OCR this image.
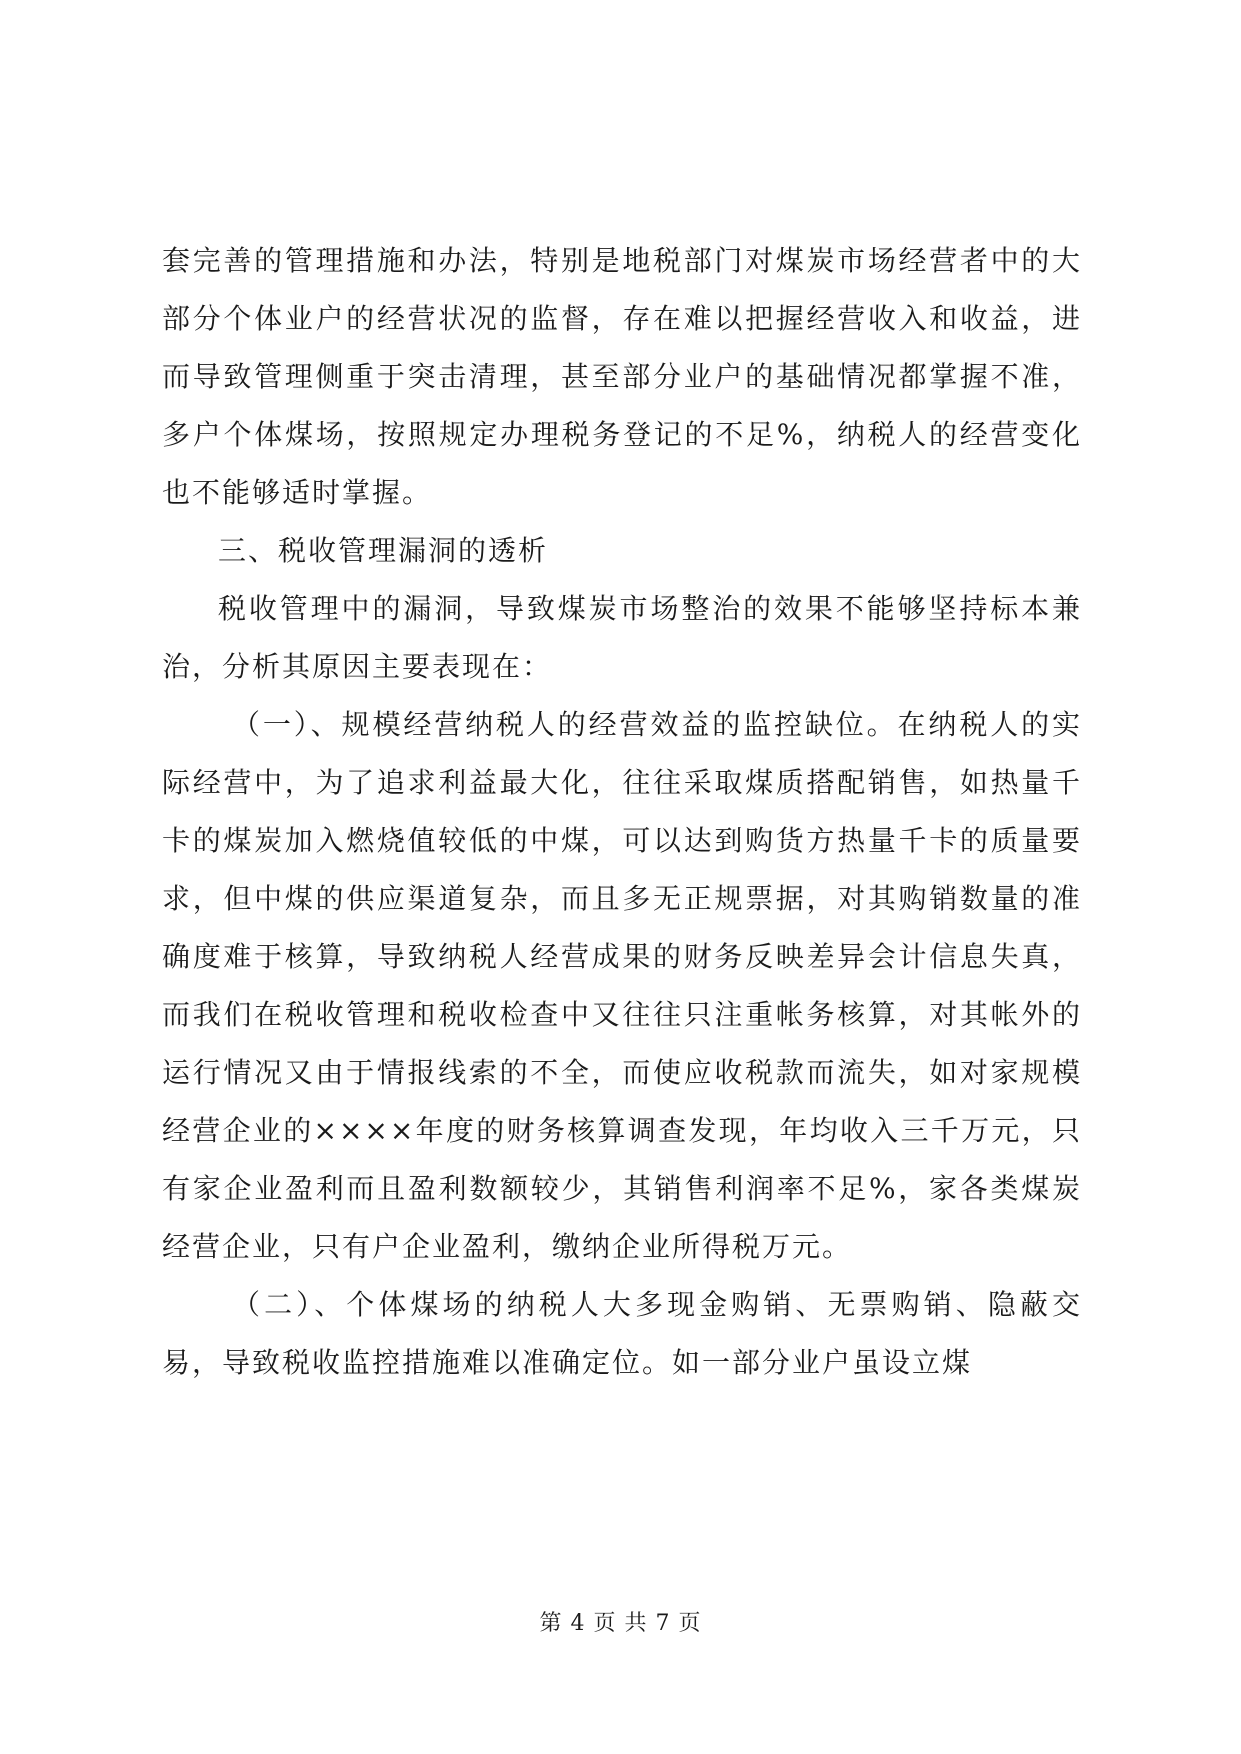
套完善的管理措施和办法，特别是地税部门对煤炭市场经营者中的大部分个体业户的经营状况的监督，存在难以把握经营收入和收益，进而导致管理侧重于突击清理，甚至部分业户的基础情况都掌握不准，多户个体煤场，按照规定办理税务登记的不足%，纳税人的经营变化也不能够适时掌握。

三、税收管理漏洞的透析

税收管理中的漏洞，导致煤炭市场整治的效果不能够坚持标本兼治，分析其原因主要表现在：

（一）、规模经营纳税人的经营效益的监控缺位。在纳税人的实际经营中，为了追求利益最大化，往往采取煤质搭配销售，如热量千卡的煤炭加入燃烧值较低的中煤，可以达到购货方热量千卡的质量要求，但中煤的供应渠道复杂，而且多无正规票据，对其购销数量的准确度难于核算，导致纳税人经营成果的财务反映差异会计信息失真，而我们在税收管理和税收检查中又往往只注重帐务核算，对其帐外的运行情况又由于情报线索的不全，而使应收税款而流失，如对家规模经营企业的××××年度的财务核算调查发现，年均收入三千万元，只有家企业盈利而且盈利数额较少，其销售利润率不足%，家各类煤炭经营企业，只有户企业盈利，缴纳企业所得税万元。

（二）、个体煤场的纳税人大多现金购销、无票购销、隐蔽交易，导致税收监控措施难以准确定位。如一部分业户虽设立煤

第 4 页 共 7 页
